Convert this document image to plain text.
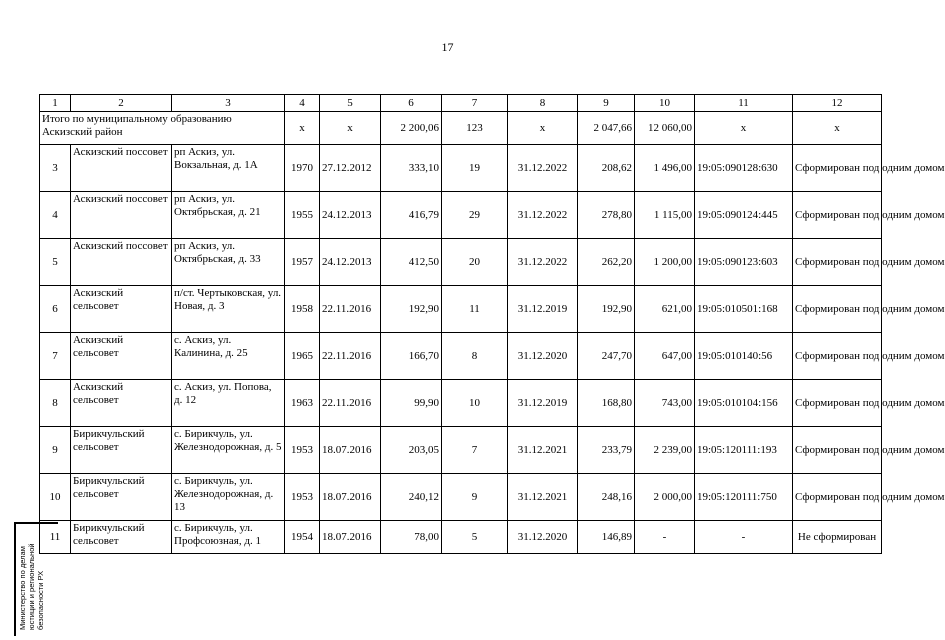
17
1	2	3	4	5	6	7	8	9	10	11	12
Итого по муниципальному образованию Аскизский район			х	х	2 200,06	123	х	2 047,66	12 060,00	х	х
3	Аскизский поссовет	рп Аскиз, ул. Вокзальная, д. 1А	1970	27.12.2012	333,10	19	31.12.2022	208,62	1 496,00	19:05:090128:630	Сформирован под одним домом
4	Аскизский поссовет	рп Аскиз, ул. Октябрьская, д. 21	1955	24.12.2013	416,79	29	31.12.2022	278,80	1 115,00	19:05:090124:445	Сформирован под одним домом
5	Аскизский поссовет	рп Аскиз, ул. Октябрьская, д. 33	1957	24.12.2013	412,50	20	31.12.2022	262,20	1 200,00	19:05:090123:603	Сформирован под одним домом
6	Аскизский сельсовет	п/ст. Чертыковская, ул. Новая, д. 3	1958	22.11.2016	192,90	11	31.12.2019	192,90	621,00	19:05:010501:168	Сформирован под одним домом
7	Аскизский сельсовет	с. Аскиз, ул. Калинина, д. 25	1965	22.11.2016	166,70	8	31.12.2020	247,70	647,00	19:05:010140:56	Сформирован под одним домом
8	Аскизский сельсовет	с. Аскиз, ул. Попова, д. 12	1963	22.11.2016	99,90	10	31.12.2019	168,80	743,00	19:05:010104:156	Сформирован под одним домом
9	Бирикчульский сельсовет	с. Бирикчуль, ул. Железнодорожная, д. 5	1953	18.07.2016	203,05	7	31.12.2021	233,79	2 239,00	19:05:120111:193	Сформирован под одним домом
10	Бирикчульский сельсовет	с. Бирикчуль, ул. Железнодорожная, д. 13	1953	18.07.2016	240,12	9	31.12.2021	248,16	2 000,00	19:05:120111:750	Сформирован под одним домом
11	Бирикчульский сельсовет	с. Бирикчуль, ул. Профсоюзная, д. 1	1954	18.07.2016	78,00	5	31.12.2020	146,89	-	-	Не сформирован
Министерство по делам юстиции и региональной безопасности РХ
